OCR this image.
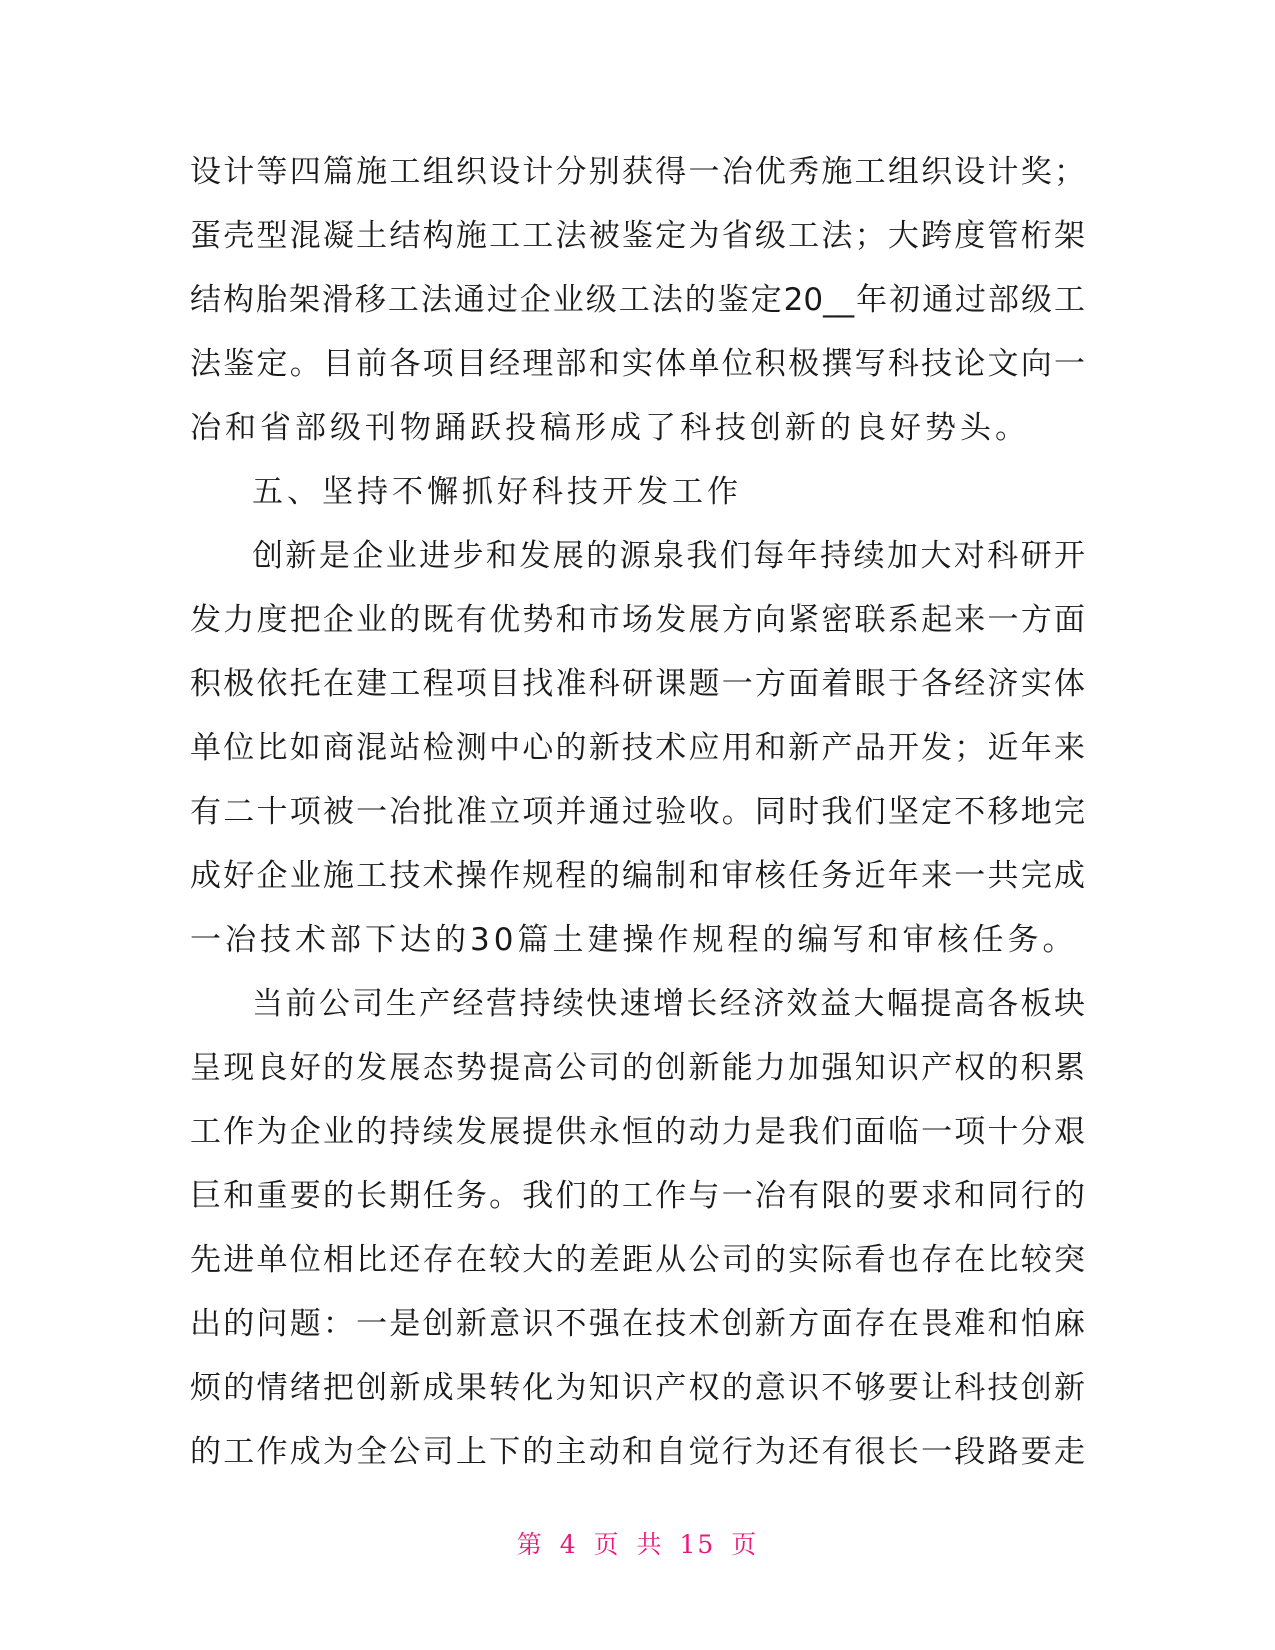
设计等四篇施工组织设计分别获得一冶优秀施工组织设计奖；
蛋壳型混凝土结构施工工法被鉴定为省级工法；大跨度管桁架
结构胎架滑移工法通过企业级工法的鉴定20__年初通过部级工
法鉴定。目前各项目经理部和实体单位积极撰写科技论文向一
冶和省部级刊物踊跃投稿形成了科技创新的良好势头。
五、坚持不懈抓好科技开发工作
创新是企业进步和发展的源泉我们每年持续加大对科研开
发力度把企业的既有优势和市场发展方向紧密联系起来一方面
积极依托在建工程项目找准科研课题一方面着眼于各经济实体
单位比如商混站检测中心的新技术应用和新产品开发；近年来
有二十项被一冶批准立项并通过验收。同时我们坚定不移地完
成好企业施工技术操作规程的编制和审核任务近年来一共完成
一冶技术部下达的30篇土建操作规程的编写和审核任务。
当前公司生产经营持续快速增长经济效益大幅提高各板块
呈现良好的发展态势提高公司的创新能力加强知识产权的积累
工作为企业的持续发展提供永恒的动力是我们面临一项十分艰
巨和重要的长期任务。我们的工作与一冶有限的要求和同行的
先进单位相比还存在较大的差距从公司的实际看也存在比较突
出的问题：一是创新意识不强在技术创新方面存在畏难和怕麻
烦的情绪把创新成果转化为知识产权的意识不够要让科技创新
的工作成为全公司上下的主动和自觉行为还有很长一段路要走
第 4 页 共 15 页
